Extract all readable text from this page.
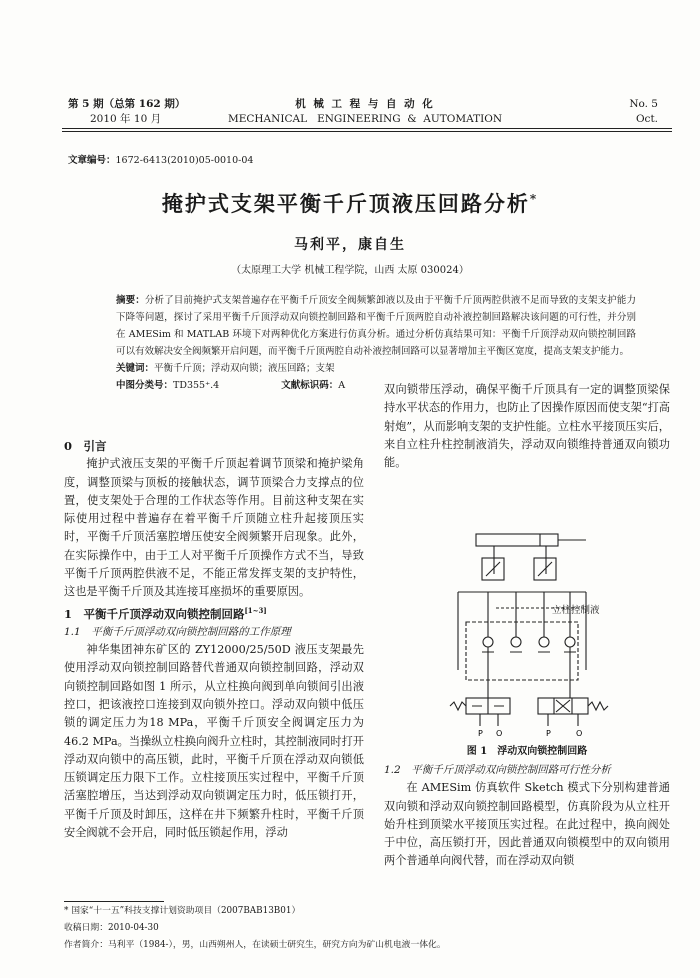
第 5 期（总第 162 期）
2010 年 10 月
机 械 工 程 与 自 动 化
MECHANICAL   ENGINEERING  &  AUTOMATION
No. 5
Oct.
文章编号：1672-6413(2010)05-0010-04
掩护式支架平衡千斤顶液压回路分析*
马利平，康自生
（太原理工大学 机械工程学院，山西 太原 030024）
摘要：分析了目前掩护式支架普遍存在平衡千斤顶安全阀频繁卸液以及由于平衡千斤顶两腔供液不足而导致的支架支护能力下降等问题，探讨了采用平衡千斤顶浮动双向锁控制回路和平衡千斤顶两腔自动补液控制回路解决该问题的可行性，并分别在 AMESim 和 MATLAB 环境下对两种优化方案进行仿真分析。通过分析仿真结果可知：平衡千斤顶浮动双向锁控制回路可以有效解决安全阀频繁开启问题，而平衡千斤顶两腔自动补液控制回路可以显著增加主平衡区宽度，提高支架支护能力。
关键词：平衡千斤顶；浮动双向锁；液压回路；支架
中图分类号：TD355⁺.4	文献标识码：A

0　引言

掩护式液压支架的平衡千斤顶起着调节顶梁和掩护梁角度，调整顶梁与顶板的接触状态，调节顶梁合力支撑点的位置，使支架处于合理的工作状态等作用。目前这种支架在实际使用过程中普遍存在着平衡千斤顶随立柱升起接顶压实时，平衡千斤顶活塞腔增压使安全阀频繁开启现象。此外，在实际操作中，由于工人对平衡千斤顶操作方式不当，导致平衡千斤顶两腔供液不足，不能正常发挥支架的支护特性，这也是平衡千斤顶及其连接耳座损坏的重要原因。

1　平衡千斤顶浮动双向锁控制回路[1~3]

1.1　平衡千斤顶浮动双向锁控制回路的工作原理

神华集团神东矿区的 ZY12000/25/50D 液压支架最先使用浮动双向锁控制回路替代普通双向锁控制回路，浮动双向锁控制回路如图 1 所示，从立柱换向阀到单向锁间引出液控口，把该液控口连接到双向锁外控口。浮动双向锁中低压锁的调定压力为18 MPa，平衡千斤顶安全阀调定压力为46.2 MPa。当操纵立柱换向阀升立柱时，其控制液同时打开浮动双向锁中的高压锁，此时，平衡千斤顶在浮动双向锁低压锁调定压力限下工作。立柱接顶压实过程中，平衡千斤顶活塞腔增压，当达到浮动双向锁调定压力时，低压锁打开，平衡千斤顶及时卸压，这样在井下频繁升柱时，平衡千斤顶安全阀就不会开启，同时低压锁起作用，浮动

双向锁带压浮动，确保平衡千斤顶具有一定的调整顶梁保持水平状态的作用力，也防止了因操作原因而使支架“打高射炮”，从而影响支架的支护性能。立柱水平接顶压实后，来自立柱升柱控制液消失，浮动双向锁维持普通双向锁功能。

P O	P	O
立柱控制液
图 1　浮动双向锁控制回路

1.2　平衡千斤顶浮动双向锁控制回路可行性分析

在 AMESim 仿真软件 Sketch 模式下分别构建普通双向锁和浮动双向锁控制回路模型，仿真阶段为从立柱开始升柱到顶梁水平接顶压实过程。在此过程中，换向阀处于中位，高压锁打开，因此普通双向锁模型中的双向锁用两个普通单向阀代替，而在浮动双向锁

* 国家“十一五”科技支撑计划资助项目（2007BAB13B01）
收稿日期：2010-04-30
作者简介：马利平（1984-），男，山西朔州人，在读硕士研究生，研究方向为矿山机电液一体化。
